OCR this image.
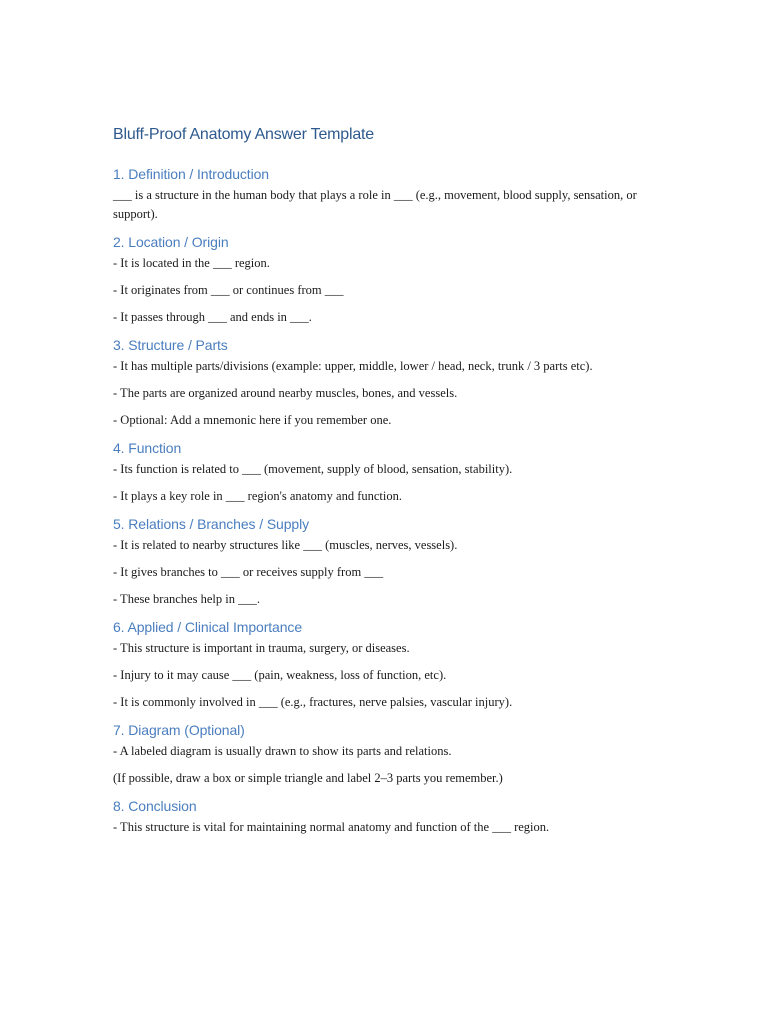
Bluff-Proof Anatomy Answer Template
1. Definition / Introduction

___ is a structure in the human body that plays a role in ___ (e.g., movement, blood supply, sensation, or support).

2. Location / Origin

- It is located in the ___ region.

- It originates from ___ or continues from ___

- It passes through ___ and ends in ___.

3. Structure / Parts

- It has multiple parts/divisions (example: upper, middle, lower / head, neck, trunk / 3 parts etc).

- The parts are organized around nearby muscles, bones, and vessels.

- Optional: Add a mnemonic here if you remember one.

4. Function

- Its function is related to ___ (movement, supply of blood, sensation, stability).

- It plays a key role in ___ region's anatomy and function.

5. Relations / Branches / Supply

- It is related to nearby structures like ___ (muscles, nerves, vessels).

- It gives branches to ___ or receives supply from ___

- These branches help in ___.

6. Applied / Clinical Importance

- This structure is important in trauma, surgery, or diseases.

- Injury to it may cause ___ (pain, weakness, loss of function, etc).

- It is commonly involved in ___ (e.g., fractures, nerve palsies, vascular injury).

7. Diagram (Optional)

- A labeled diagram is usually drawn to show its parts and relations.

(If possible, draw a box or simple triangle and label 2–3 parts you remember.)

8. Conclusion

- This structure is vital for maintaining normal anatomy and function of the ___ region.
